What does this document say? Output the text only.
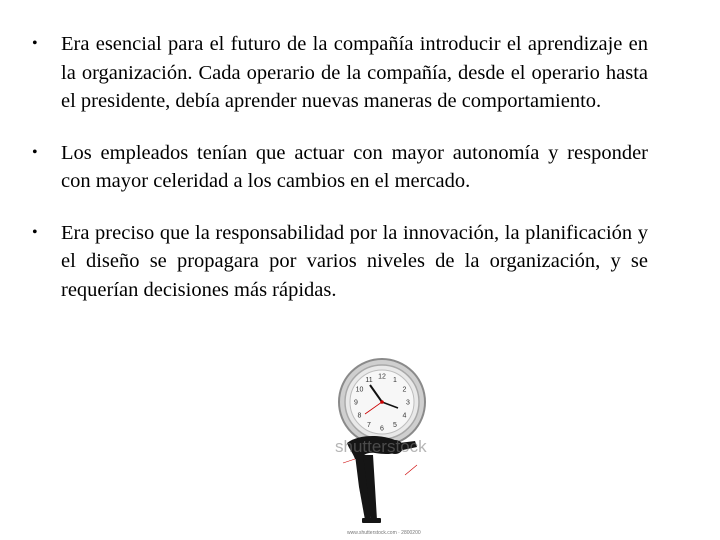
• Era esencial para el futuro de la compañía introducir el aprendizaje en la organización. Cada operario de la compañía, desde el operario hasta el presidente, debía aprender nuevas maneras de comportamiento.
• Los empleados tenían que actuar con mayor autonomía y responder con mayor celeridad a los cambios en el mercado.
• Era preciso que la responsabilidad por la innovación, la planificación y el diseño se propagara por varios niveles de la organización, y se requerían decisiones más rápidas.
12 1
2
3
4
5
6
7
8
9
10
11
shutterstock
www.shutterstock.com · 2800200
